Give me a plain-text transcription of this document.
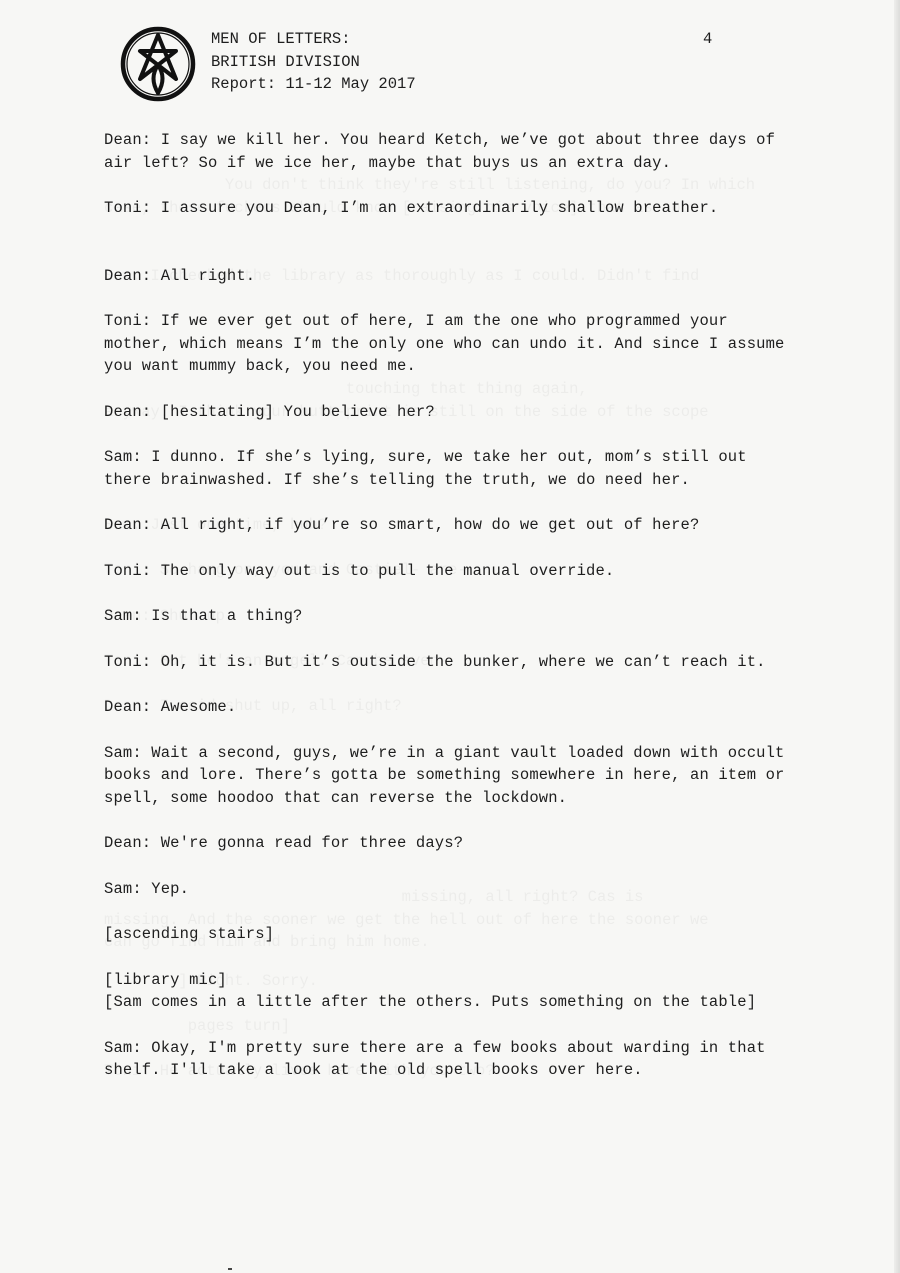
MEN OF LETTERS:
BRITISH DIVISION
Report: 11-12 May 2017
4

Dean: I say we kill her. You heard Ketch, we’ve got about three days of air left? So if we ice her, maybe that buys us an extra day.

Toni: I assure you Dean, I’m an extraordinarily shallow breather.

Dean: All right.

Toni: If we ever get out of here, I am the one who programmed your mother, which means I’m the only one who can undo it. And since I assume you want mummy back, you need me.

Dean: [hesitating] You believe her?

Sam: I dunno. If she’s lying, sure, we take her out, mom’s still out there brainwashed. If she’s telling the truth, we do need her.

Dean: All right, if you’re so smart, how do we get out of here?

Toni: The only way out is to pull the manual override.

Sam: Is that a thing?

Toni: Oh, it is. But it’s outside the bunker, where we can’t reach it.

Dean: Awesome.

Sam: Wait a second, guys, we’re in a giant vault loaded down with occult books and lore. There’s gotta be something somewhere in here, an item or spell, some hoodoo that can reverse the lockdown.

Dean: We're gonna read for three days?

Sam: Yep.

[ascending stairs]

[library mic]

[Sam comes in a little after the others. Puts something on the table]

Sam: Okay, I'm pretty sure there are a few books about warding in that shelf. I'll take a look at the old spell books over here.
